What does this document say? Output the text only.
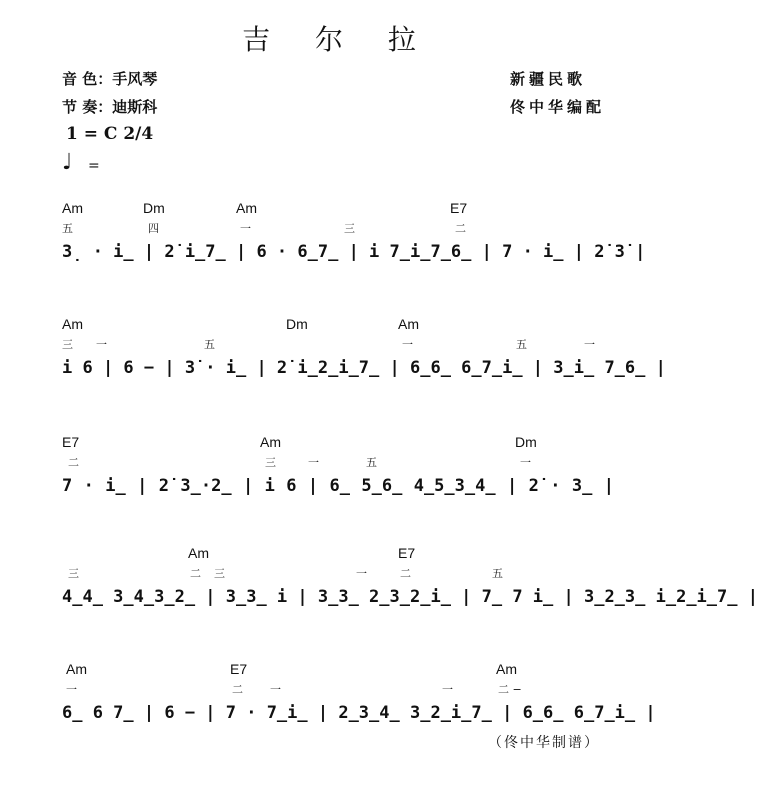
吉 尔 拉
音 色：手风琴
节 奏：迪斯科
1 = C 2/4
♩ =
新疆民歌
佟中华编配
Am	Dm	Am	E7
五	四	一	三	二
3̣ · i̲ | 2̇ i̲7̲ | 6 · 6̲7̲ | i 7̲i̲7̲6̲ | 7 · i̲ | 2̇ 3̇ |
Am	Dm	Am
三 一	五	一	五	一
i 6 | 6 − | 3̇ · i̲ | 2̇ i̲2̲i̲7̲ | 6̲6̲ 6̲7̲i̲ | 3̲i̲ 7̲6̲ |
E7	Am	Dm
二	三	一	五	一
7 · i̲ | 2̇ 3̲·2̲ | i 6 | 6̲ 5̲6̲ 4̲5̲3̲4̲ | 2̇ · 3̲ |
Am	E7
三	二 三	一	二	五
4̲4̲ 3̲4̲3̲2̲ | 3̲3̲ i | 3̲3̲ 2̲3̲2̲i̲ | 7̲ 7 i̲ | 3̲2̲3̲ i̲2̲i̲7̲ |
Am	E7	Am
一	二 一	一	二 −
6̲ 6 7̲ | 6 − | 7 · 7̲i̲ | 2̲3̲4̲ 3̲2̲i̲7̲ | 6̲6̲ 6̲7̲i̲ |
（佟中华制谱）
